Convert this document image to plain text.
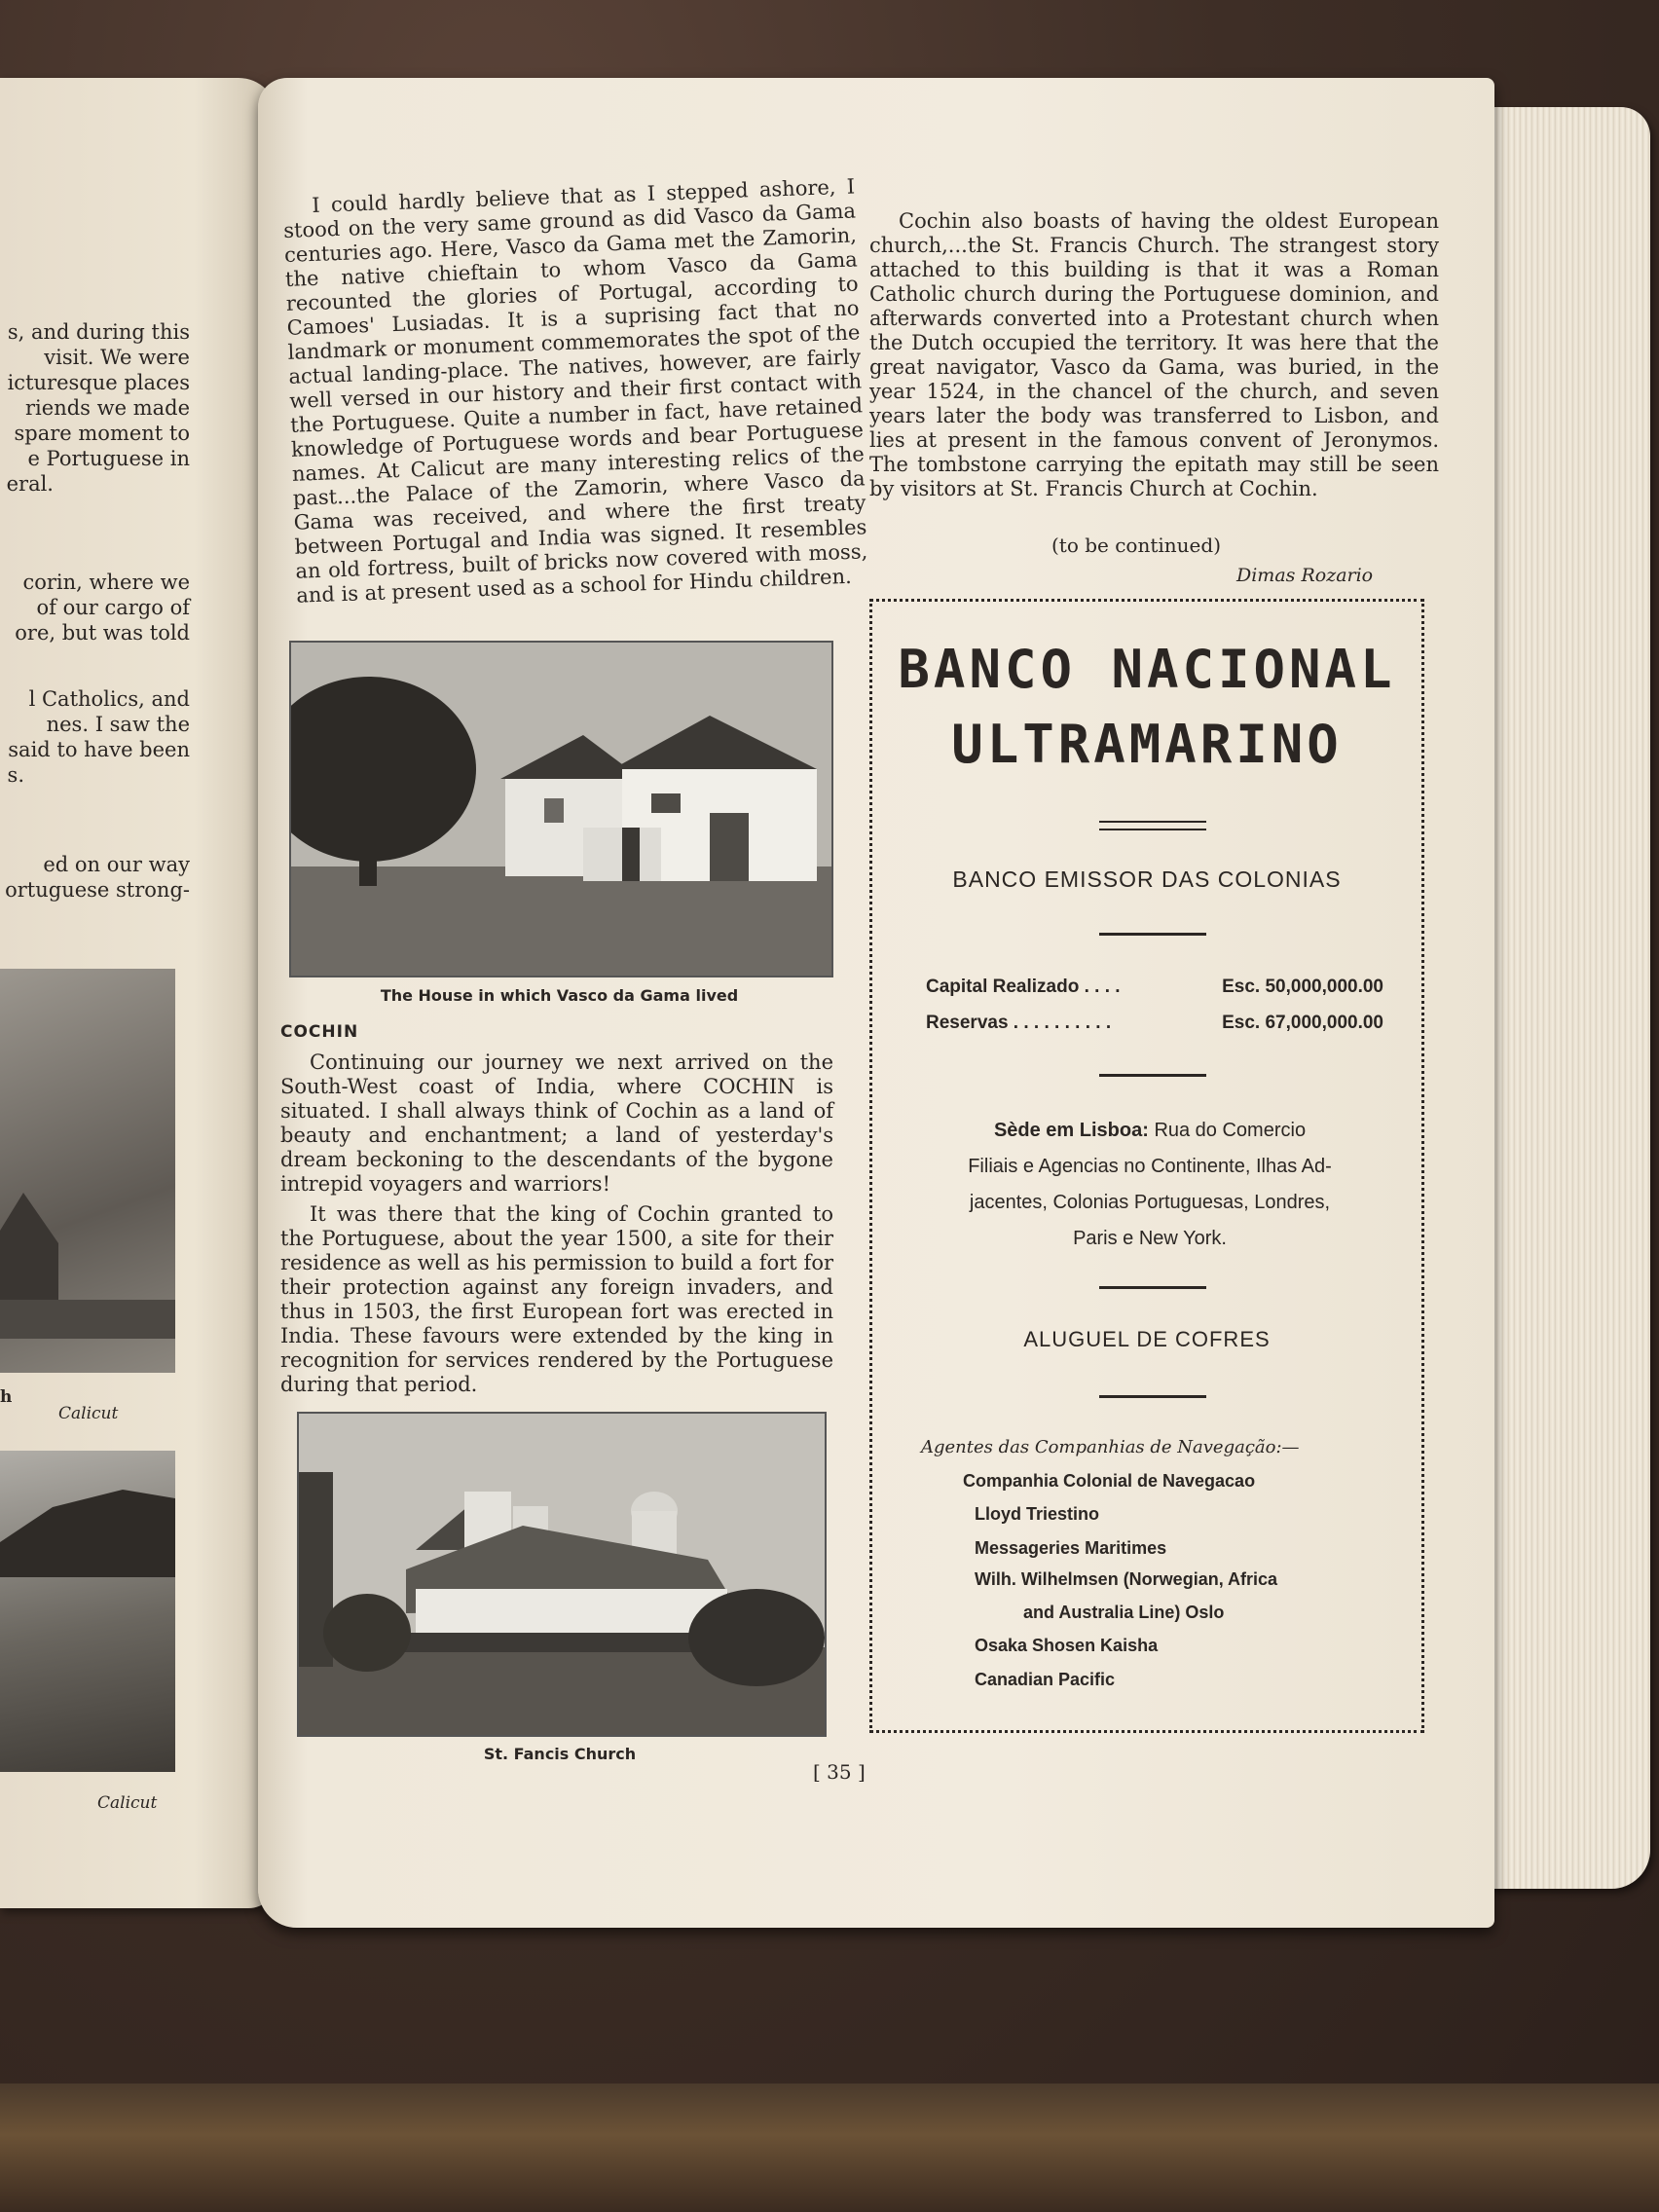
s, and during this
visit. We were
icturesque places
riends we made
spare moment to
e Portuguese in
eral.
corin, where we
of our cargo of
ore, but was told
l Catholics, and
nes. I saw the
said to have been
s.
ed on our way
ortuguese strong-
h
Calicut
Calicut

I could hardly believe that as I stepped ashore, I stood on the very same ground as did Vasco da Gama centuries ago. Here, Vasco da Gama met the Zamorin, the native chieftain to whom Vasco da Gama recounted the glories of Portugal, according to Camoes' Lusiadas. It is a suprising fact that no landmark or monument commemorates the spot of the actual landing-place. The natives, however, are fairly well versed in our history and their first contact with the Portuguese. Quite a number in fact, have retained knowledge of Portuguese words and bear Portuguese names. At Calicut are many interesting relics of the past...the Palace of the Zamorin, where Vasco da Gama was received, and where the first treaty between Portugal and India was signed. It resembles an old fortress, built of bricks now covered with moss, and is at present used as a school for Hindu children.

The House in which Vasco da Gama lived

COCHIN

Continuing our journey we next arrived on the South-West coast of India, where COCHIN is situated. I shall always think of Cochin as a land of beauty and enchantment; a land of yesterday's dream beckoning to the descendants of the bygone intrepid voyagers and warriors!

It was there that the king of Cochin granted to the Portuguese, about the year 1500, a site for their residence as well as his permission to build a fort for their protection against any foreign invaders, and thus in 1503, the first European fort was erected in India. These favours were extended by the king in recognition for services rendered by the Portuguese during that period.

St. Fancis Church

Cochin also boasts of having the oldest European church,...the St. Francis Church. The strangest story attached to this building is that it was a Roman Catholic church during the Portuguese dominion, and afterwards converted into a Protestant church when the Dutch occupied the territory. It was here that the great navigator, Vasco da Gama, was buried, in the year 1524, in the chancel of the church, and seven years later the body was transferred to Lisbon, and lies at present in the famous convent of Jeronymos. The tombstone carrying the epitath may still be seen by visitors at St. Francis Church at Cochin.

(to be continued)
Dimas Rozario
[ 35 ]
BANCO NACIONAL
ULTRAMARINO
BANCO EMISSOR DAS COLONIAS
Capital Realizado . . . .	Esc. 50,000,000.00
Reservas . . . . . . . . . .	Esc. 67,000,000.00
Sède em Lisboa: Rua do Comercio
Filiais e Agencias no Continente, Ilhas Ad-
jacentes, Colonias Portuguesas, Londres,
Paris e New York.
ALUGUEL DE COFRES
Agentes das Companhias de Navegação:—
Companhia Colonial de Navegacao
Lloyd Triestino
Messageries Maritimes
Wilh. Wilhelmsen (Norwegian, Africa
and Australia Line) Oslo
Osaka Shosen Kaisha
Canadian Pacific
